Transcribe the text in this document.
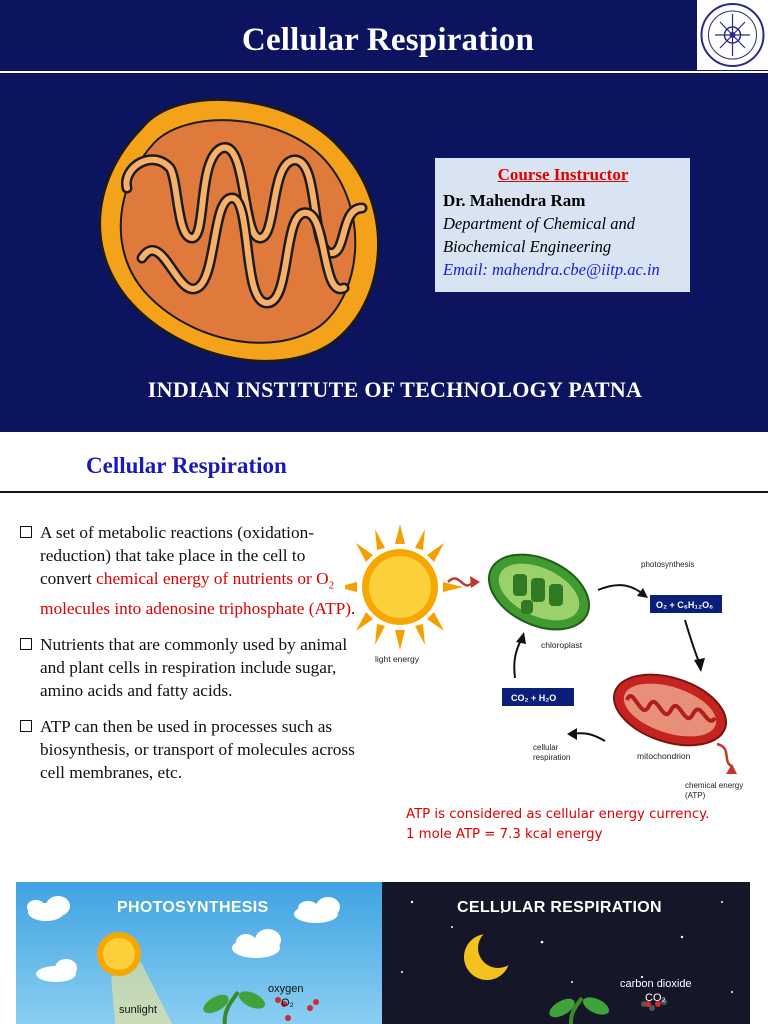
Cellular Respiration
Course Instructor
Dr. Mahendra Ram
Department of Chemical and
Biochemical Engineering
Email: mahendra.cbe@iitp.ac.in
INDIAN INSTITUTE OF TECHNOLOGY PATNA
Cellular Respiration
A set of metabolic reactions (oxidation-reduction) that take place in the cell to convert chemical energy of nutrients or $O_2$ molecules into adenosine triphosphate (ATP).
Nutrients that are commonly used by animal and plant cells in respiration include sugar, amino acids and fatty acids.
ATP can then be used in processes such as biosynthesis, or transport of molecules across cell membranes, etc.
light energy
chloroplast
photosynthesis
O₂ + C₆H₁₂O₆
mitochondrion
chemical energy
(ATP)
CO₂ + H₂O
cellular
respiration
ATP is considered as cellular energy currency.
1 mole ATP = 7.3 kcal energy
PHOTOSYNTHESIS
sunlight
oxygen
O₂
CELLULAR RESPIRATION
carbon dioxide
CO₂
